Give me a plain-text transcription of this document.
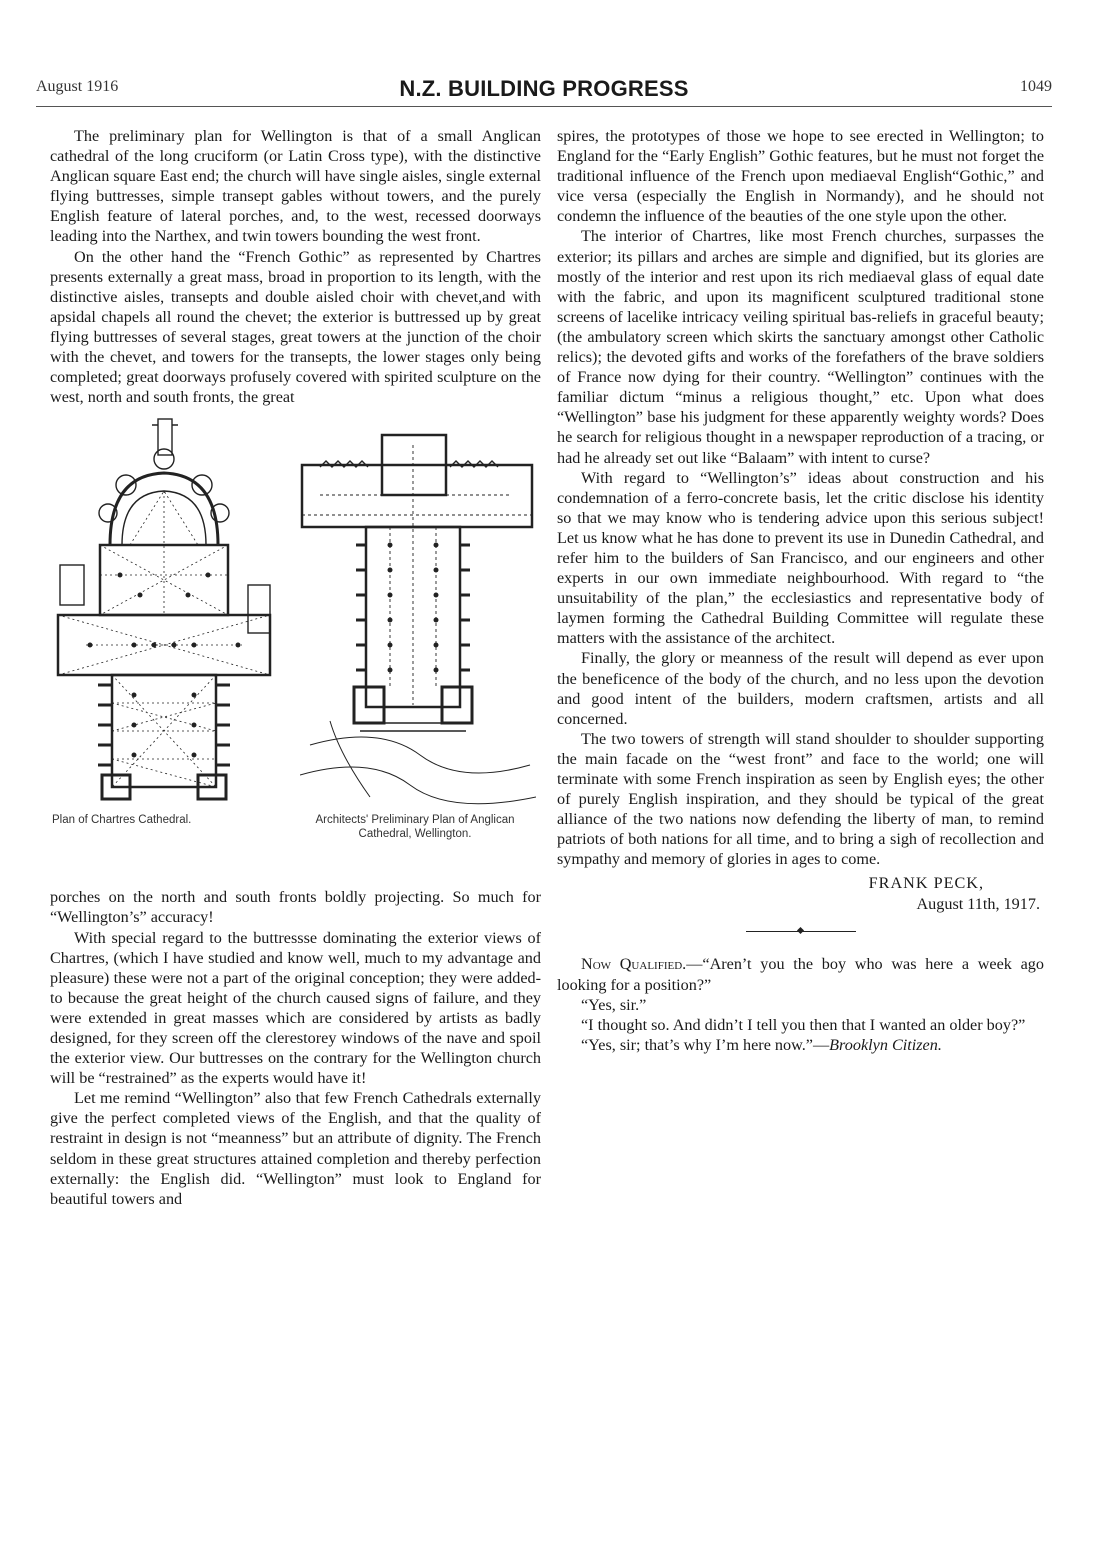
August 1916	N.Z. BUILDING PROGRESS	1049

The preliminary plan for Wellington is that of a small Anglican cathedral of the long cruciform (or Latin Cross type), with the distinctive Anglican square East end; the church will have single aisles, single external flying buttresses, simple transept gables without towers, and the purely English feature of lateral porches, and, to the west, recessed doorways leading into the Narthex, and twin towers bounding the west front.

On the other hand the “French Gothic” as represented by Chartres presents externally a great mass, broad in proportion to its length, with the distinctive aisles, transepts and double aisled choir with chevet,and with apsidal chapels all round the chevet; the exterior is buttressed up by great flying buttresses of several stages, great towers at the junction of the choir with the chevet, and towers for the transepts, the lower stages only being completed; great doorways profusely covered with spirited sculpture on the west, north and south fronts, the great

Plan of Chartres Cathedral.	Architects' Preliminary Plan of Anglican Cathedral, Wellington.

porches on the north and south fronts boldly projecting. So much for “Wellington’s” accuracy!

With special regard to the buttressse dominating the exterior views of Chartres, (which I have studied and know well, much to my advantage and pleasure) these were not a part of the original conception; they were added-to because the great height of the church caused signs of failure, and they were extended in great masses which are considered by artists as badly designed, for they screen off the clerestorey windows of the nave and spoil the exterior view. Our buttresses on the contrary for the Wellington church will be “restrained” as the experts would have it!

Let me remind “Wellington” also that few French Cathedrals externally give the perfect completed views of the English, and that the quality of restraint in design is not “meanness” but an attribute of dignity. The French seldom in these great structures attained completion and thereby perfection externally: the English did. “Wellington” must look to England for beautiful towers and

spires, the prototypes of those we hope to see erected in Wellington; to England for the “Early English” Gothic features, but he must not forget the traditional influence of the French upon mediaeval English“Gothic,” and vice versa (especially the English in Normandy), and he should not condemn the influence of the beauties of the one style upon the other.

The interior of Chartres, like most French churches, surpasses the exterior; its pillars and arches are simple and dignified, but its glories are mostly of the interior and rest upon its rich mediaeval glass of equal date with the fabric, and upon its magnificent sculptured traditional stone screens of lacelike intricacy veiling spiritual bas-reliefs in graceful beauty; (the ambulatory screen which skirts the sanctuary amongst other Catholic relics); the devoted gifts and works of the forefathers of the brave soldiers of France now dying for their country. “Wellington” continues with the familiar dictum “minus a religious thought,” etc. Upon what does “Wellington” base his judgment for these apparently weighty words? Does he search for religious thought in a newspaper reproduction of a tracing, or had he already set out like “Balaam” with intent to curse?

With regard to “Wellington’s” ideas about construction and his condemnation of a ferro-concrete basis, let the critic disclose his identity so that we may know who is tendering advice upon this serious subject! Let us know what he has done to prevent its use in Dunedin Cathedral, and refer him to the builders of San Francisco, and our engineers and other experts in our own immediate neighbourhood. With regard to “the unsuitability of the plan,” the ecclesiastics and representative body of laymen forming the Cathedral Building Committee will regulate these matters with the assistance of the architect.

Finally, the glory or meanness of the result will depend as ever upon the beneficence of the body of the church, and no less upon the devotion and good intent of the builders, modern craftsmen, artists and all concerned.

The two towers of strength will stand shoulder to shoulder supporting the main facade on the “west front” and face to the world; one will terminate with some French inspiration as seen by English eyes; the other of purely English inspiration, and they should be typical of the great alliance of the two nations now defending the liberty of man, to remind patriots of both nations for all time, and to bring a sigh of recollection and sympathy and memory of glories in ages to come.

FRANK PECK,
August 11th, 1917.

Now Qualified.—“Aren’t you the boy who was here a week ago looking for a position?”

“Yes, sir.”

“I thought so. And didn’t I tell you then that I wanted an older boy?”

“Yes, sir; that’s why I’m here now.”—Brooklyn Citizen.
